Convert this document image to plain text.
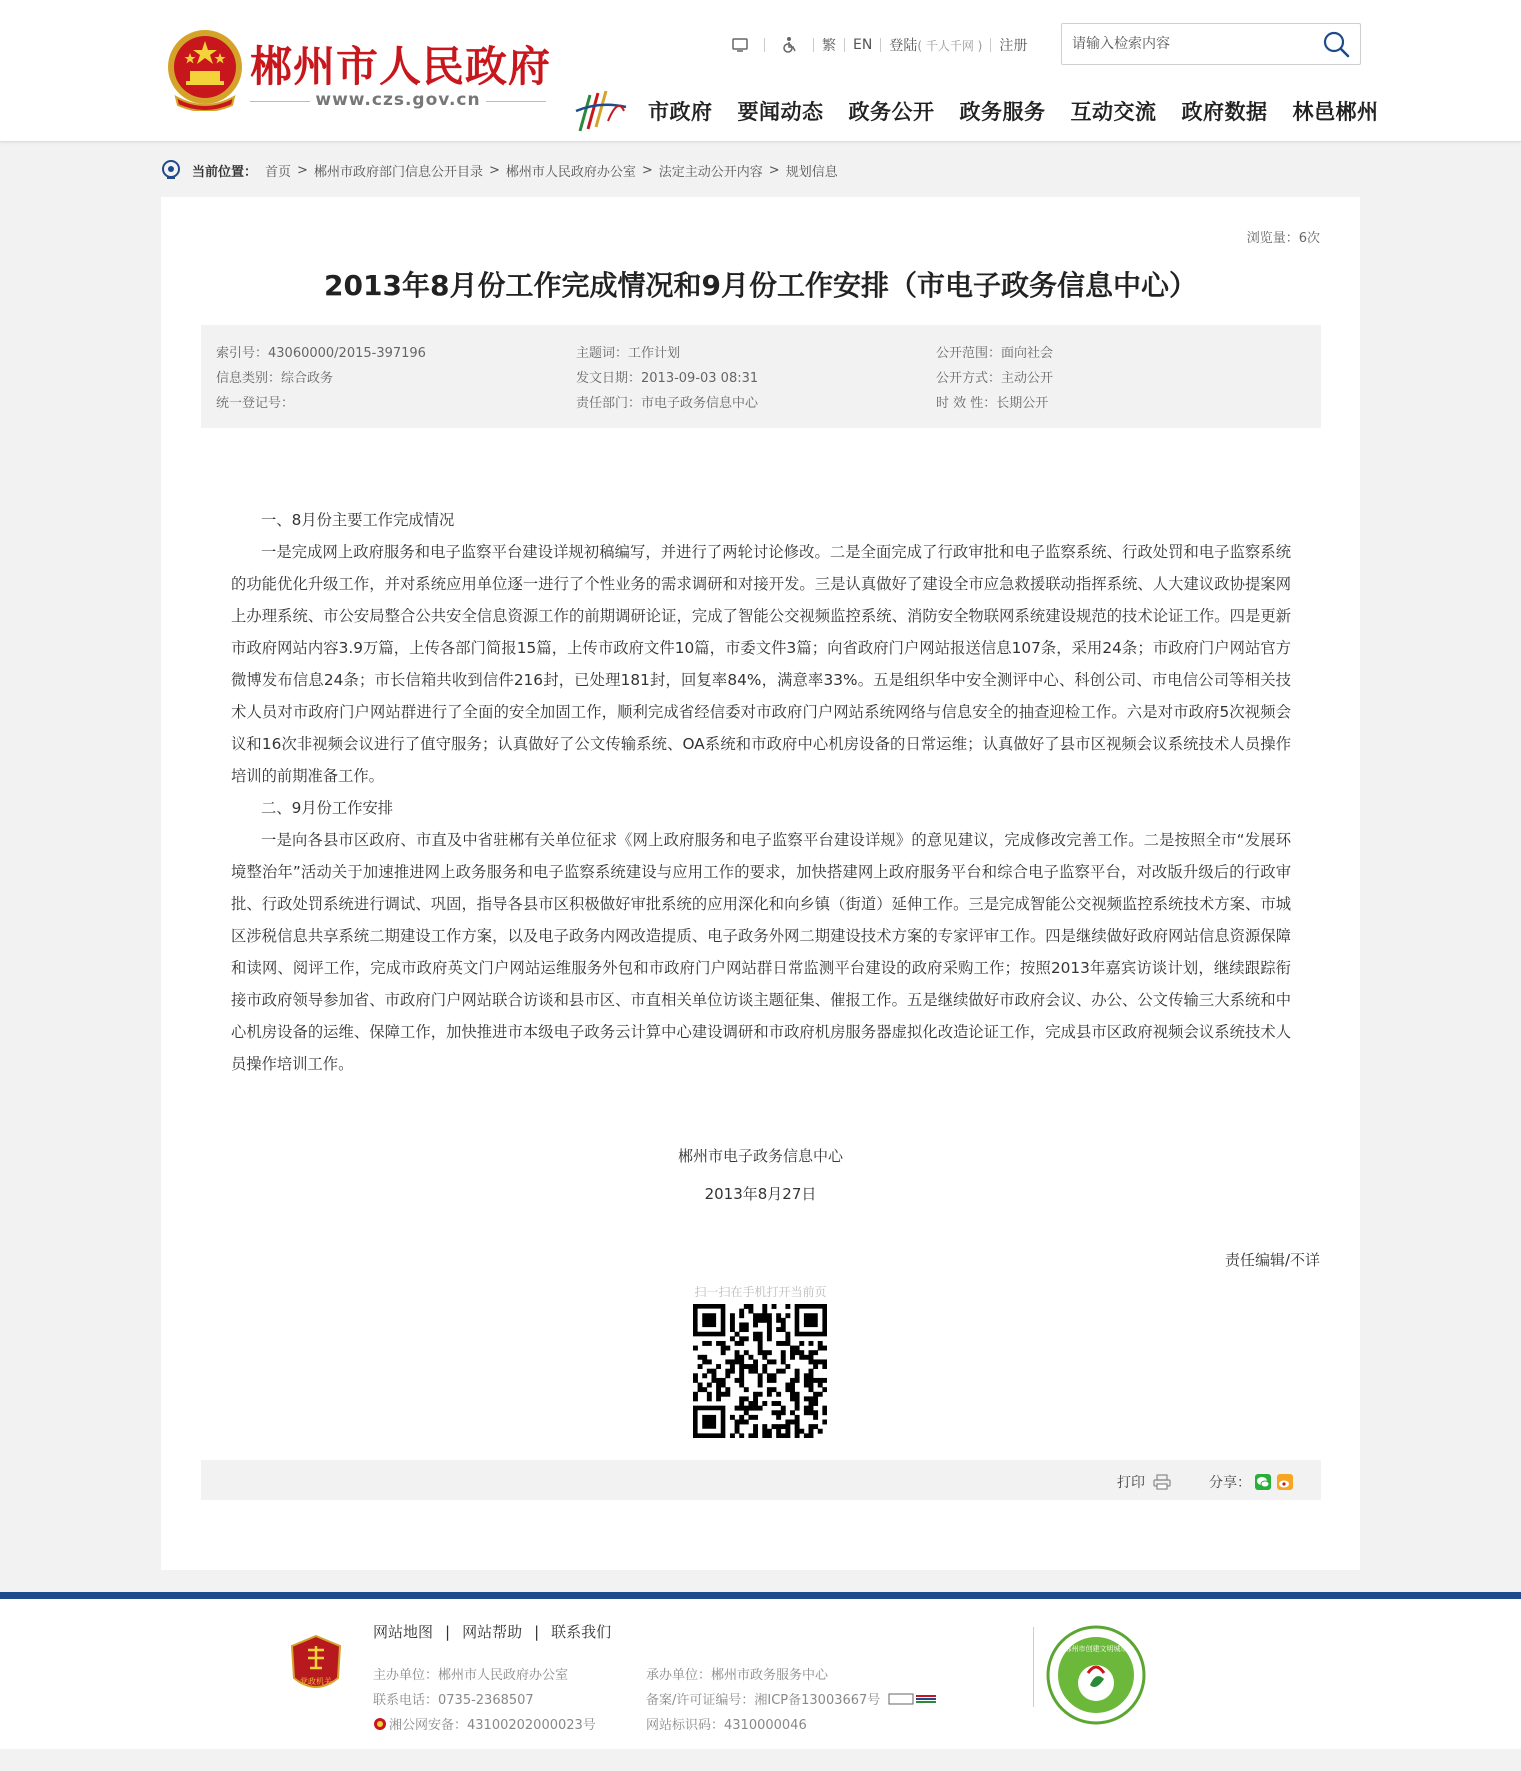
郴州市人民政府
www.czs.gov.cn
繁 EN 登陆 ( 千人千网 ) 注册
请输入检索内容
市政府 要闻动态 政务公开 政务服务 互动交流 政府数据 林邑郴州
当前位置： 首页 > 郴州市政府部门信息公开目录 > 郴州市人民政府办公室 > 法定主动公开内容 > 规划信息
浏览量：6次
2013年8月份工作完成情况和9月份工作安排（市电子政务信息中心）
索引号：43060000/2015-397196
信息类别：综合政务
统一登记号：
主题词：工作计划
发文日期：2013-09-03 08:31
责任部门：市电子政务信息中心
公开范围：面向社会
公开方式：主动公开
时 效 性：长期公开

一、8月份主要工作完成情况

一是完成网上政府服务和电子监察平台建设详规初稿编写，并进行了两轮讨论修改。二是全面完成了行政审批和电子监察系统、行政处罚和电子监察系统的功能优化升级工作，并对系统应用单位逐一进行了个性业务的需求调研和对接开发。三是认真做好了建设全市应急救援联动指挥系统、人大建议政协提案网上办理系统、市公安局整合公共安全信息资源工作的前期调研论证，完成了智能公交视频监控系统、消防安全物联网系统建设规范的技术论证工作。四是更新市政府网站内容3.9万篇，上传各部门简报15篇，上传市政府文件10篇，市委文件3篇；向省政府门户网站报送信息107条，采用24条；市政府门户网站官方微博发布信息24条；市长信箱共收到信件216封，已处理181封，回复率84%，满意率33%。五是组织华中安全测评中心、科创公司、市电信公司等相关技术人员对市政府门户网站群进行了全面的安全加固工作，顺利完成省经信委对市政府门户网站系统网络与信息安全的抽查迎检工作。六是对市政府5次视频会议和16次非视频会议进行了值守服务；认真做好了公文传输系统、OA系统和市政府中心机房设备的日常运维；认真做好了县市区视频会议系统技术人员操作培训的前期准备工作。

二、9月份工作安排

一是向各县市区政府、市直及中省驻郴有关单位征求《网上政府服务和电子监察平台建设详规》的意见建议，完成修改完善工作。二是按照全市“发展环境整治年”活动关于加速推进网上政务服务和电子监察系统建设与应用工作的要求，加快搭建网上政府服务平台和综合电子监察平台，对改版升级后的行政审批、行政处罚系统进行调试、巩固，指导各县市区积极做好审批系统的应用深化和向乡镇（街道）延伸工作。三是完成智能公交视频监控系统技术方案、市城区涉税信息共享系统二期建设工作方案，以及电子政务内网改造提质、电子政务外网二期建设技术方案的专家评审工作。四是继续做好政府网站信息资源保障和读网、阅评工作，完成市政府英文门户网站运维服务外包和市政府门户网站群日常监测平台建设的政府采购工作；按照2013年嘉宾访谈计划，继续跟踪衔接市政府领导参加省、市政府门户网站联合访谈和县市区、市直相关单位访谈主题征集、催报工作。五是继续做好市政府会议、办公、公文传输三大系统和中心机房设备的运维、保障工作，加快推进市本级电子政务云计算中心建设调研和市政府机房服务器虚拟化改造论证工作，完成县市区政府视频会议系统技术人员操作培训工作。

郴州市电子政务信息中心
2013年8月27日
责任编辑/不详
扫一扫在手机打开当前页
打印	分享：
网站地图 | 网站帮助 | 联系我们
党政机关	主办单位：郴州市人民政府办公室
联系电话：0735-2368507
湘公网安备：43100202000023号
承办单位：郴州市政务服务中心
备案/许可证编号：湘ICP备13003667号
网站标识码：4310000046
郴州市创建文明城市
